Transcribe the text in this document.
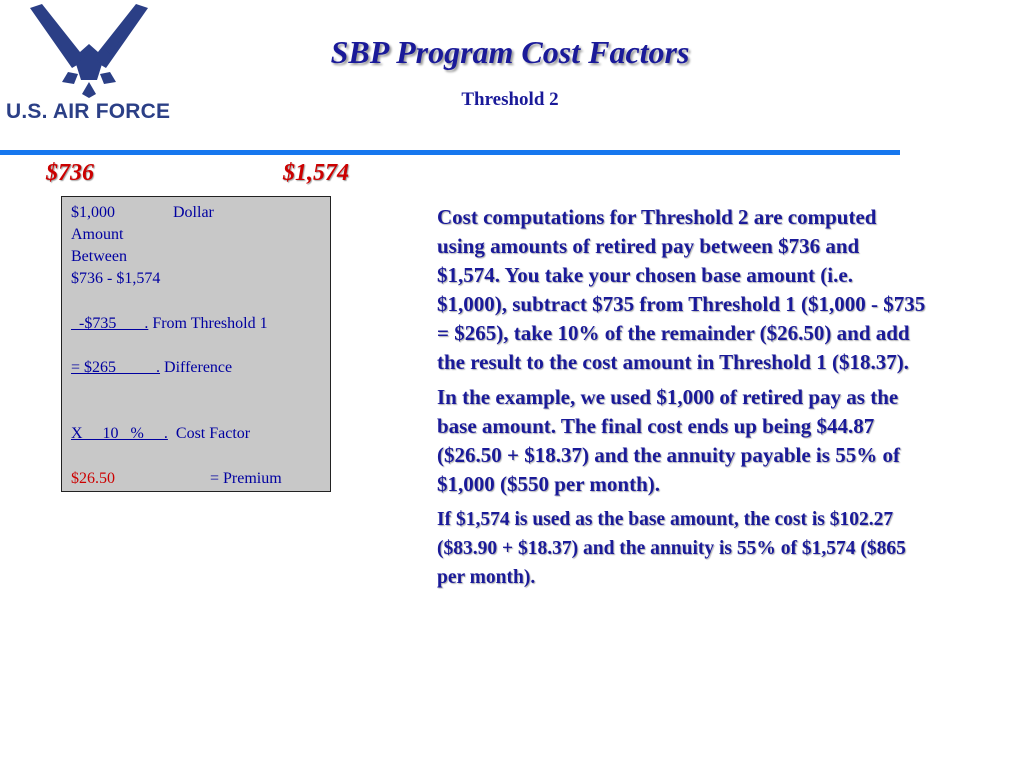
U.S. AIR FORCE
SBP Program Cost Factors
Threshold 2
$736	$1,574
$1,000	Dollar
Amount
Between
$736 - $1,574
-$735       . From Threshold 1
= $265          . Difference
X     10   %     .  Cost Factor
$26.50	= Premium

Cost computations for Threshold 2 are computed using amounts of retired pay between $736 and $1,574. You take your chosen base amount (i.e. $1,000), subtract $735 from Threshold 1 ($1,000 - $735 = $265), take 10% of the remainder ($26.50) and add the result to the cost amount in Threshold 1 ($18.37).

In the example, we used $1,000 of retired pay as the base amount. The final cost ends up being $44.87 ($26.50 + $18.37) and the annuity payable is 55% of $1,000 ($550 per month).

If $1,574 is used as the base amount, the cost is $102.27 ($83.90 + $18.37) and the annuity is 55% of $1,574 ($865 per month).
